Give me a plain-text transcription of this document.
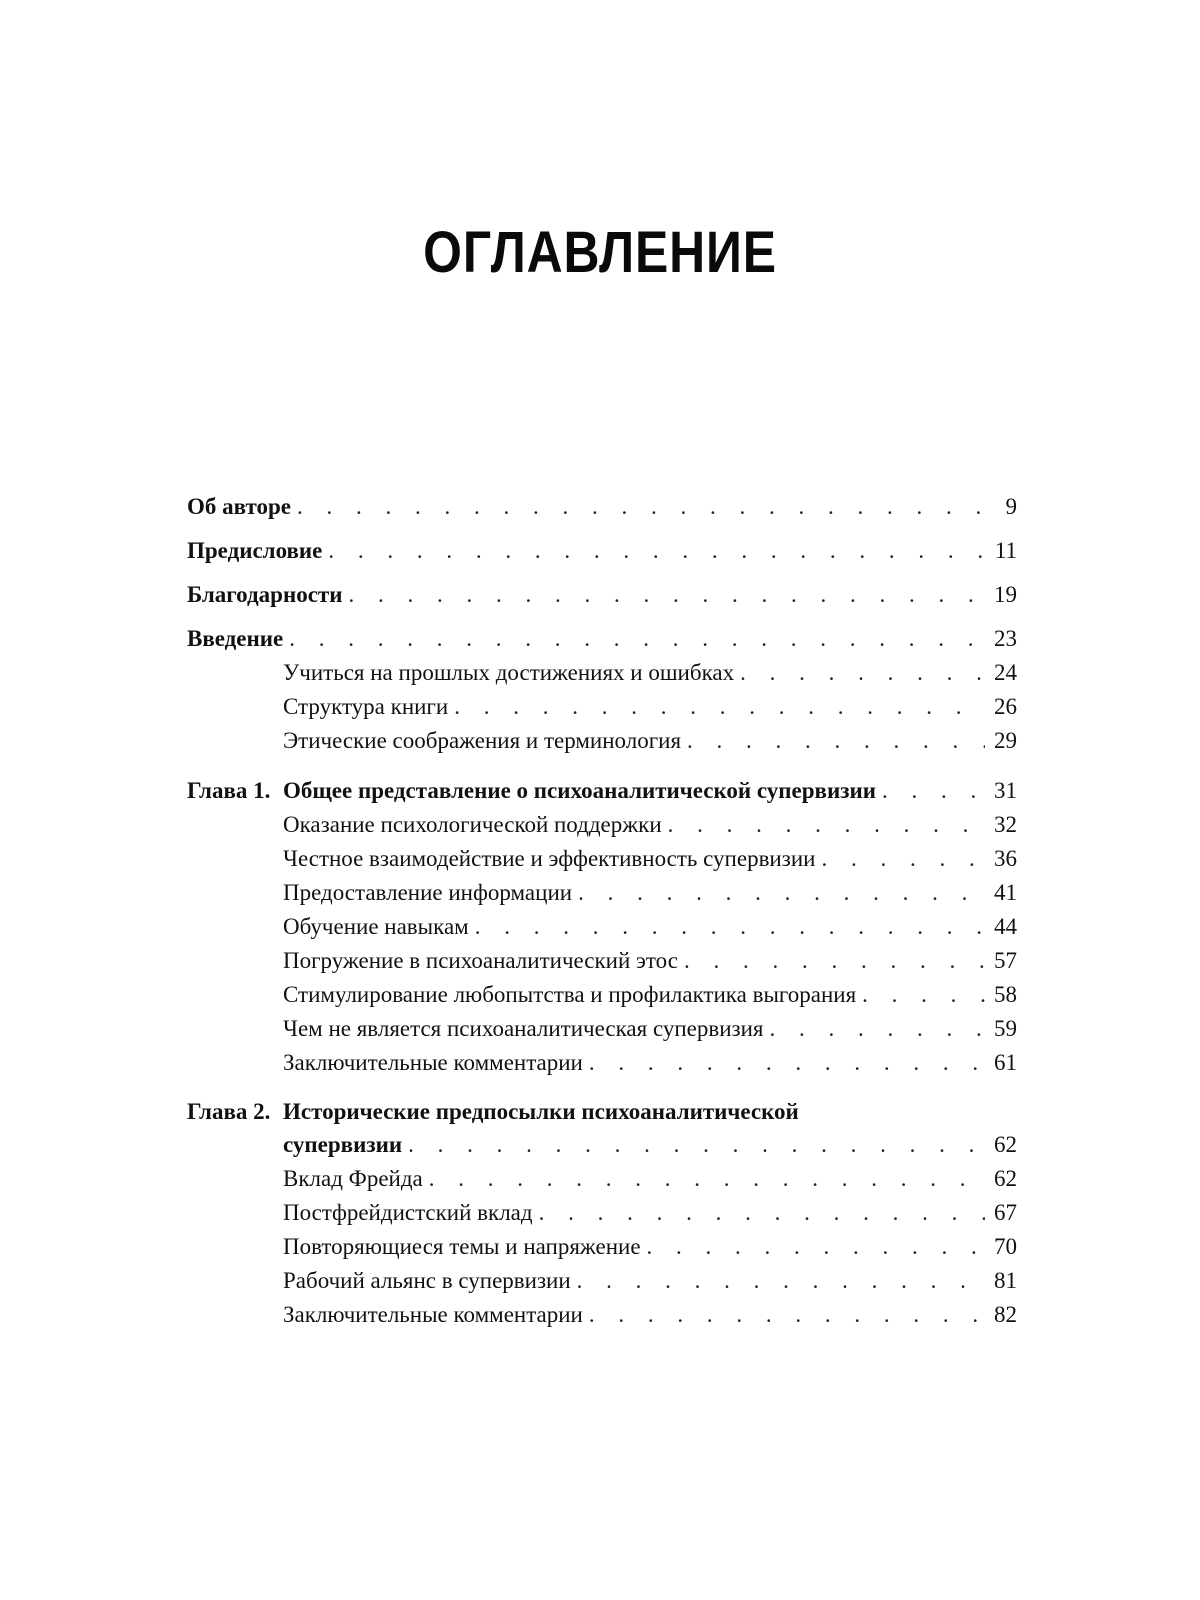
ОГЛАВЛЕНИЕ
Об авторе . . .	9
Предисловие . . .	11
Благодарности . . .	19
Введение . . .	23
Учиться на прошлых достижениях и ошибках . . .	24
Структура книги . . .	26
Этические соображения и терминология . . .	29
Глава 1. Общее представление о психоаналитической супервизии . . .	31
Оказание психологической поддержки . . .	32
Честное взаимодействие и эффективность супервизии . . .	36
Предоставление информации . . .	41
Обучение навыкам . . .	44
Погружение в психоаналитический этос . . .	57
Стимулирование любопытства и профилактика выгорания . . .	58
Чем не является психоаналитическая супервизия . . .	59
Заключительные комментарии . . .	61
Глава 2. Исторические предпосылки психоаналитической
супервизии . . .	62
Вклад Фрейда . . .	62
Постфрейдистский вклад . . .	67
Повторяющиеся темы и напряжение . . .	70
Рабочий альянс в супервизии . . .	81
Заключительные комментарии . . .	82
